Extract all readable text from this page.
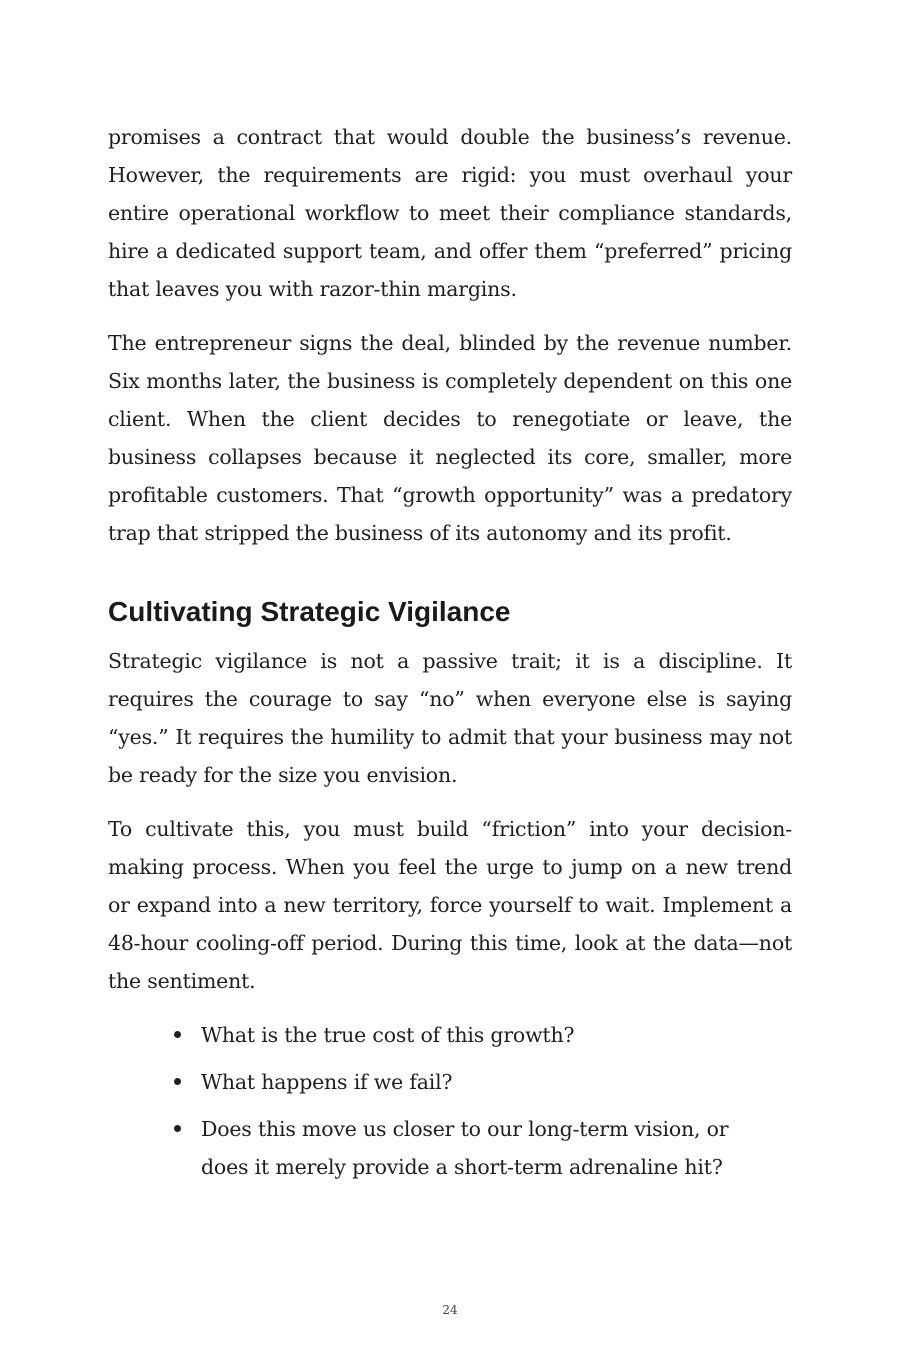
promises a contract that would double the business’s revenue. However, the requirements are rigid: you must overhaul your entire operational workflow to meet their compliance standards, hire a dedicated support team, and offer them “preferred” pricing that leaves you with razor-thin margins.

The entrepreneur signs the deal, blinded by the revenue number. Six months later, the business is completely dependent on this one client. When the client decides to renegotiate or leave, the business collapses because it neglected its core, smaller, more profitable customers. That “growth opportunity” was a predatory trap that stripped the business of its autonomy and its profit.

Cultivating Strategic Vigilance

Strategic vigilance is not a passive trait; it is a discipline. It requires the courage to say “no” when everyone else is saying “yes.” It requires the humility to admit that your business may not be ready for the size you envision.

To cultivate this, you must build “friction” into your decision-making process. When you feel the urge to jump on a new trend or expand into a new territory, force yourself to wait. Implement a 48-hour cooling-off period. During this time, look at the data—not the sentiment.

What is the true cost of this growth?
What happens if we fail?
Does this move us closer to our long-term vision, or does it merely provide a short-term adrenaline hit?
24
